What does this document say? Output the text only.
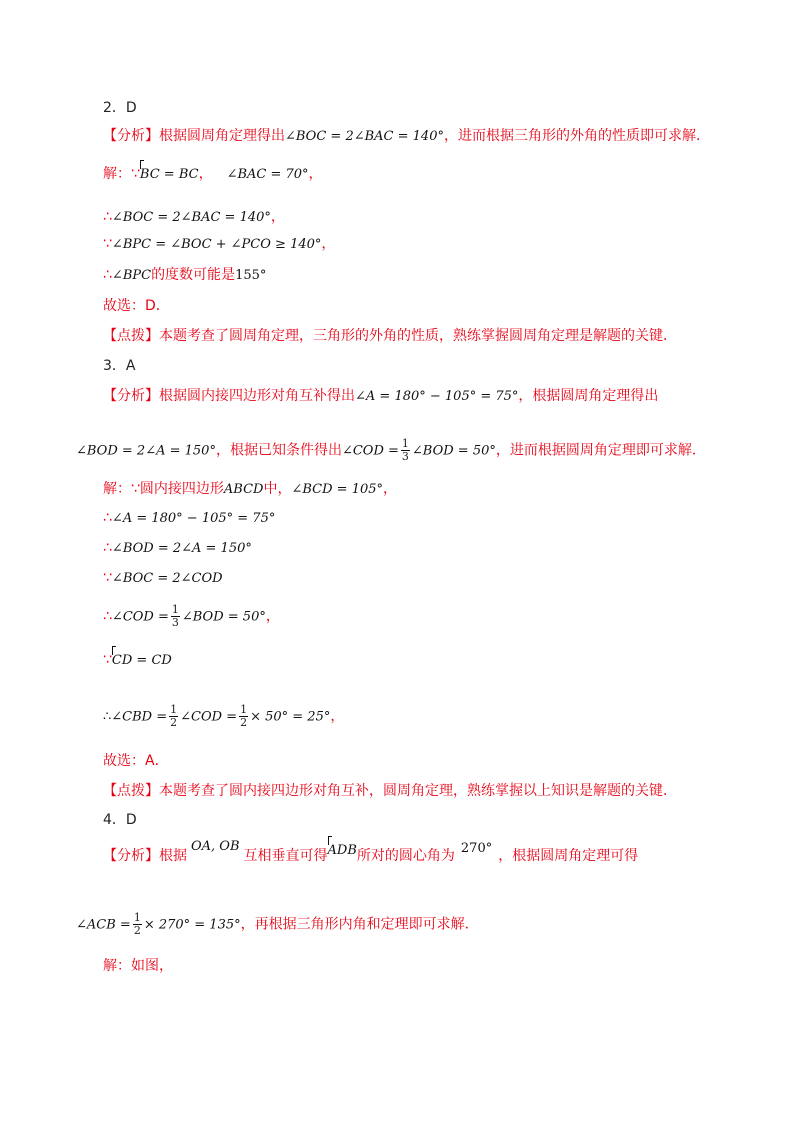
2．D
【分析】根据圆周角定理得出∠BOC = 2∠BAC = 140°，进而根据三角形的外角的性质即可求解．
解：∵BC = BC， ∠BAC = 70°，
∴∠BOC = 2∠BAC = 140°，
∵∠BPC = ∠BOC + ∠PCO ≥ 140°，
∴∠BPC的度数可能是155°
故选：D．
【点拨】本题考查了圆周角定理，三角形的外角的性质，熟练掌握圆周角定理是解题的关键．
3．A
【分析】根据圆内接四边形对角互补得出∠A = 180° − 105° = 75°，根据圆周角定理得出
∠BOD = 2∠A = 150°，根据已知条件得出∠COD = $\frac{1}{3}$ ∠BOD = 50°，进而根据圆周角定理即可求解．
解：∵圆内接四边形ABCD中，∠BCD = 105°，
∴∠A = 180° − 105° = 75°
∴∠BOD = 2∠A = 150°
∵∠BOC = 2∠COD
∴∠COD = $\frac{1}{3}$ ∠BOD = 50°，
∵CD = CD
∴∠CBD = $\frac{1}{2}$ ∠COD = $\frac{1}{2} \times 50^\circ = 25^\circ$，
故选：A．
【点拨】本题考查了圆内接四边形对角互补，圆周角定理，熟练掌握以上知识是解题的关键．
4．D
【分析】根据OA, OB互相垂直可得ADB所对的圆心角为 270° ，根据圆周角定理可得
∠ACB = $\frac{1}{2} \times 270^\circ = 135^\circ$，再根据三角形内角和定理即可求解．
解：如图，
